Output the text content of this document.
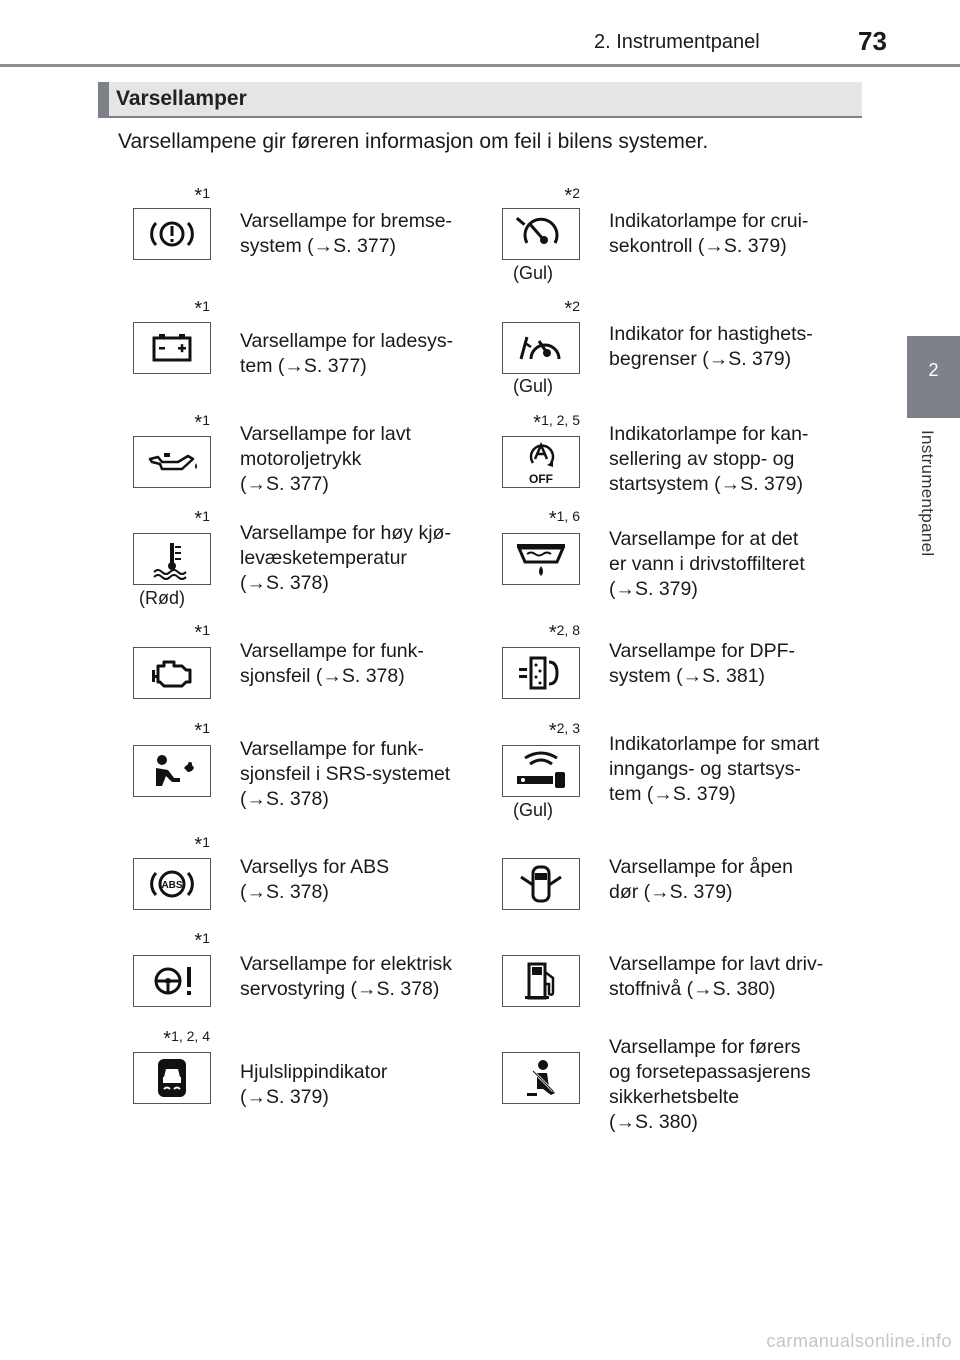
2. Instrumentpanel	73
2
Instrumentpanel
Varsellamper
Varsellampene gir føreren informasjon om feil i bilens systemer.
*1
Varsellampe for bremse-
system (→S. 377)
*1
Varsellampe for ladesys-
tem (→S. 377)
*1
Varsellampe for lavt
motoroljetrykk
(→S. 377)
*1
(Rød)
Varsellampe for høy kjø-
levæsketemperatur
(→S. 378)
*1
Varsellampe for funk-
sjonsfeil (→S. 378)
*1
Varsellampe for funk-
sjonsfeil i SRS-systemet
(→S. 378)
*1
ABS
Varsellys for ABS
(→S. 378)
*1
Varsellampe for elektrisk
servostyring (→S. 378)
*1, 2, 4
Hjulslippindikator
(→S. 379)
*2
(Gul)
Indikatorlampe for crui-
sekontroll (→S. 379)
*2
(Gul)
Indikator for hastighets-
begrenser (→S. 379)
*1, 2, 5
OFF
Indikatorlampe for kan-
sellering av stopp- og
startsystem (→S. 379)
*1, 6
Varsellampe for at det
er vann i drivstoffilteret
(→S. 379)
*2, 8
Varsellampe for DPF-
system (→S. 381)
*2, 3
(Gul)
Indikatorlampe for smart
inngangs- og startsys-
tem (→S. 379)
Varsellampe for åpen
dør (→S. 379)
Varsellampe for lavt driv-
stoffnivå (→S. 380)
Varsellampe for førers
og forsetepassasjerens
sikkerhetsbelte
(→S. 380)
carmanualsonline.info
